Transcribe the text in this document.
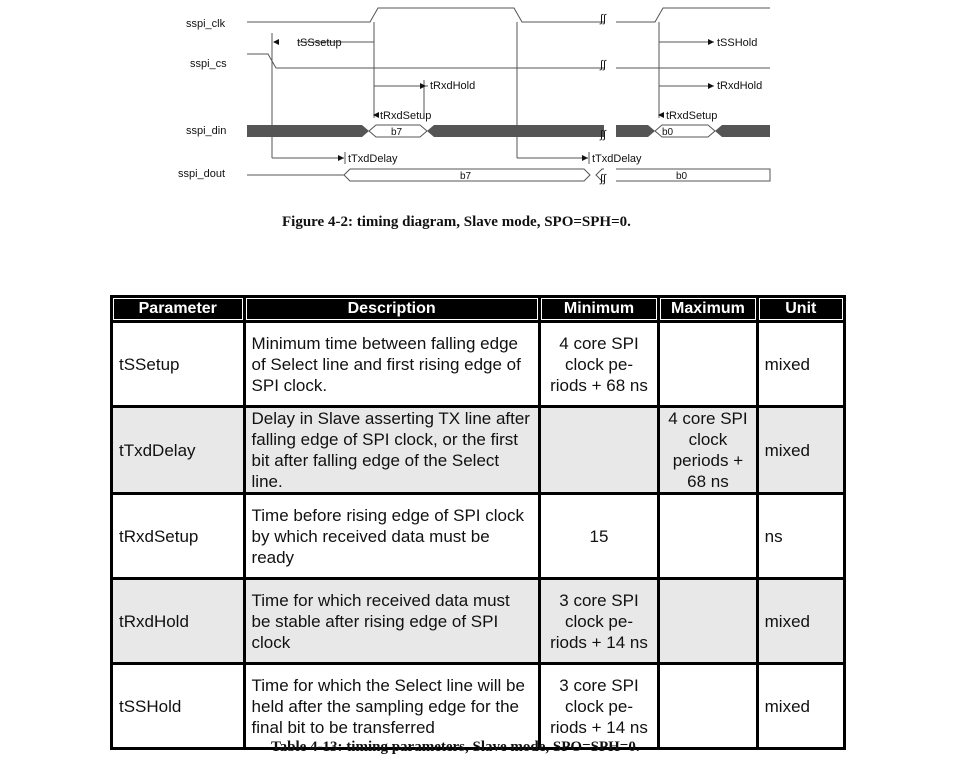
sspi_clk
sspi_cs
sspi_din
sspi_dout
b7	b0
b7	b0
∫∫
∫∫
∫∫
∫∫
tSSsetup
tRxdHold
tRxdSetup
tTxdDelay	tTxdDelay
tSSHold
tRxdHold
tRxdSetup
Figure 4-2: timing diagram, Slave mode, SPO=SPH=0.
Parameter	Description	Minimum	Maximum	Unit
tSSetup	Minimum time between falling edge of Select line and first rising edge of SPI clock.	4 core SPI clock pe-riods + 68 ns		mixed
tTxdDelay	Delay in Slave asserting TX line after falling edge of SPI clock, or the first bit after falling edge of the Select line.		4 core SPI clock periods + 68 ns	mixed
tRxdSetup	Time before rising edge of SPI clock by which received data must be ready	15		ns
tRxdHold	Time for which received data must be stable after rising edge of SPI clock	3 core SPI clock pe-riods + 14 ns		mixed
tSSHold	Time for which the Select line will be held after the sampling edge for the final bit to be transferred	3 core SPI clock pe-riods + 14 ns		mixed
Table 4-13: timing parameters, Slave mode, SPO=SPH=0.
